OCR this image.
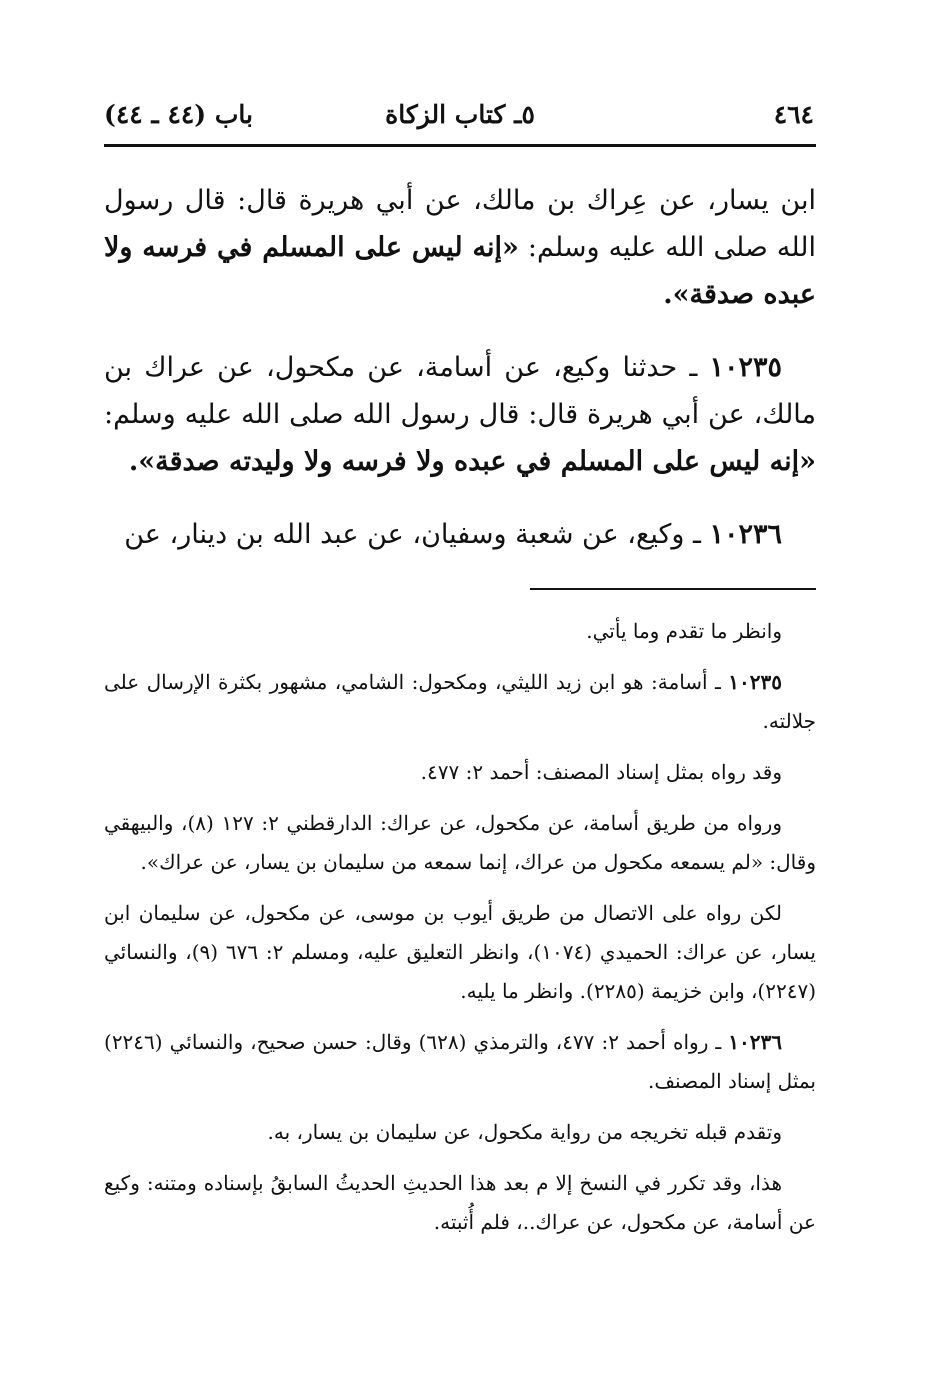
٤٦٤
٥ـ كتاب الزكاة
باب (٤٤ ـ ٤٤)

ابن يسار، عن عِراك بن مالك، عن أبي هريرة قال: قال رسول الله صلى الله عليه وسلم: «إنه ليس على المسلم في فرسه ولا عبده صدقة».

١٠٢٣٥ ـ حدثنا وكيع، عن أسامة، عن مكحول، عن عراك بن مالك، عن أبي هريرة قال: قال رسول الله صلى الله عليه وسلم: «إنه ليس على المسلم في عبده ولا فرسه ولا وليدته صدقة».

١٠٢٣٦ ـ وكيع، عن شعبة وسفيان، عن عبد الله بن دينار، عن

وانظر ما تقدم وما يأتي.

١٠٢٣٥ ـ أسامة: هو ابن زيد الليثي، ومكحول: الشامي، مشهور بكثرة الإرسال على جلالته.

وقد رواه بمثل إسناد المصنف: أحمد ٢: ٤٧٧.

ورواه من طريق أسامة، عن مكحول، عن عراك: الدارقطني ٢: ١٢٧ (٨)، والبيهقي وقال: «لم يسمعه مكحول من عراك، إنما سمعه من سليمان بن يسار، عن عراك».

لكن رواه على الاتصال من طريق أيوب بن موسى، عن مكحول، عن سليمان ابن يسار، عن عراك: الحميدي (١٠٧٤)، وانظر التعليق عليه، ومسلم ٢: ٦٧٦ (٩)، والنسائي (٢٢٤٧)، وابن خزيمة (٢٢٨٥). وانظر ما يليه.

١٠٢٣٦ ـ رواه أحمد ٢: ٤٧٧، والترمذي (٦٢٨) وقال: حسن صحيح، والنسائي (٢٢٤٦) بمثل إسناد المصنف.

وتقدم قبله تخريجه من رواية مكحول، عن سليمان بن يسار، به.

هذا، وقد تكرر في النسخ إلا م بعد هذا الحديثِ الحديثُ السابقُ بإسناده ومتنه: وكيع عن أسامة، عن مكحول، عن عراك..، فلم أُثبته.
